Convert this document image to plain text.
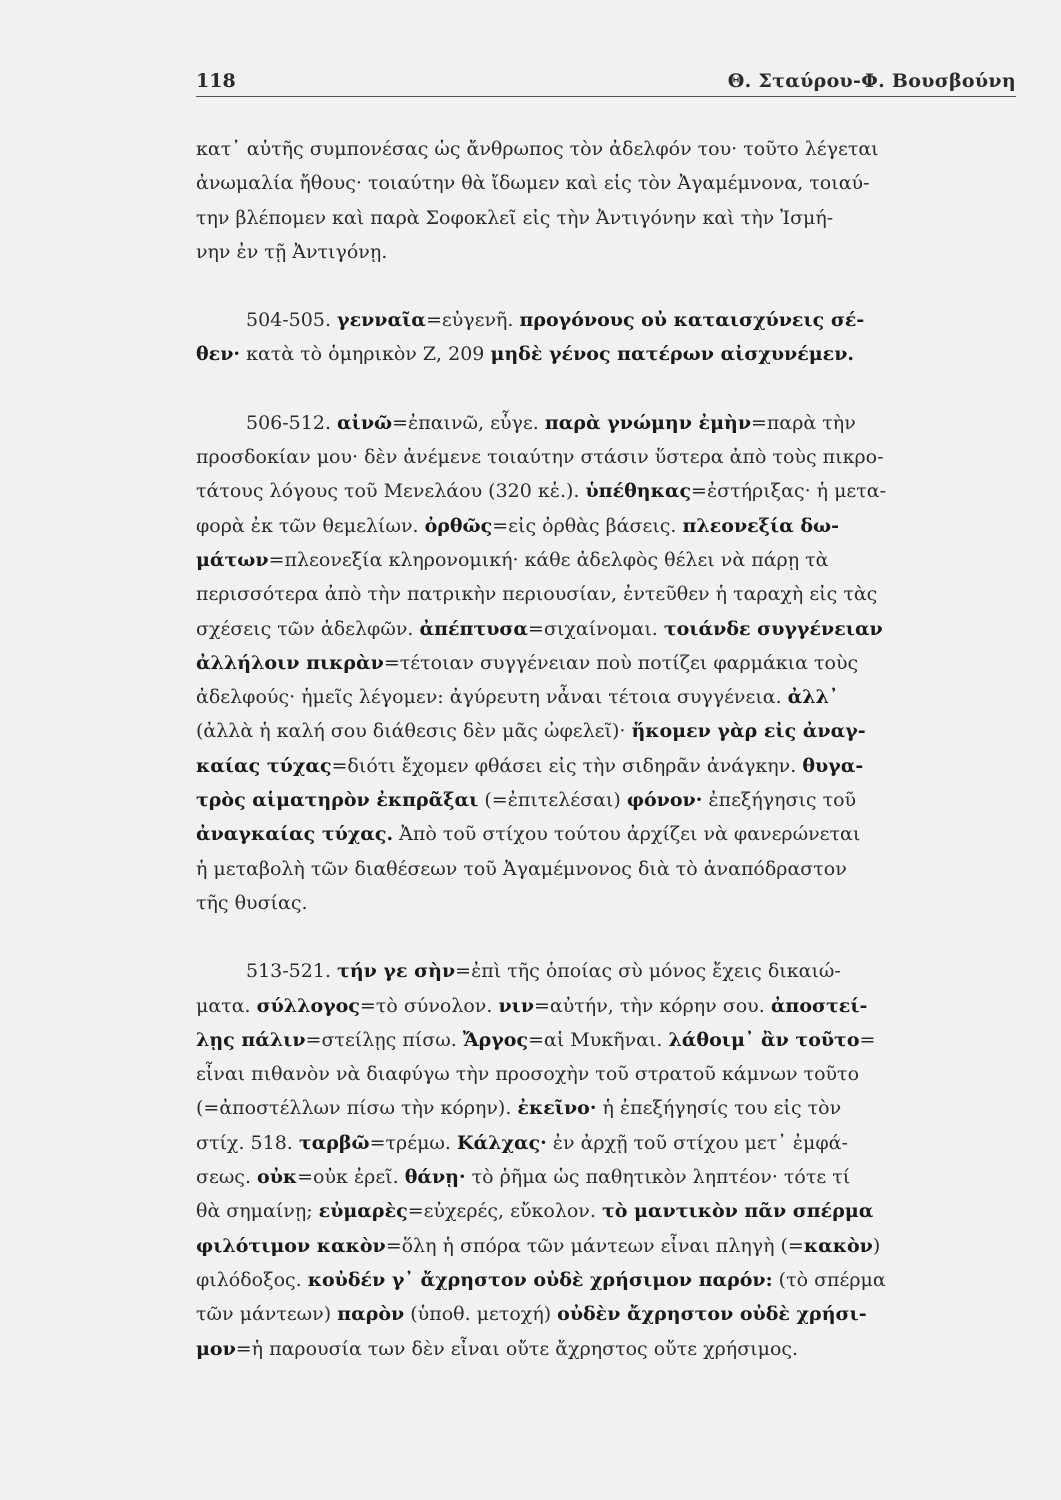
118	Θ. Σταύρου-Φ. Βουσβούνη
κατ᾽ αὐτῆς συμπονέσας ὡς ἄνθρωπος τὸν ἀδελφόν του· τοῦτο λέγεται
ἀνωμαλία ἤθους· τοιαύτην θὰ ἴδωμεν καὶ εἰς τὸν Ἀγαμέμνονα, τοιαύ-
την βλέπομεν καὶ παρὰ Σοφοκλεῖ εἰς τὴν Ἀντιγόνην καὶ τὴν Ἰσμή-
νην ἐν τῇ Ἀντιγόνῃ.
504-505. γενναῖα=εὐγενῆ. προγόνους οὐ καταισχύνεις σέ-
θεν· κατὰ τὸ ὁμηρικὸν Ζ, 209 μηδὲ γένος πατέρων αἰσχυνέμεν.
506-512. αἰνῶ=ἐπαινῶ, εὖγε. παρὰ γνώμην ἐμὴν=παρὰ τὴν
προσδοκίαν μου· δὲν ἀνέμενε τοιαύτην στάσιν ὕστερα ἀπὸ τοὺς πικρο-
τάτους λόγους τοῦ Μενελάου (320 κἑ.). ὑπέθηκας=ἐστήριξας· ἡ μετα-
φορὰ ἐκ τῶν θεμελίων. ὀρθῶς=εἰς ὀρθὰς βάσεις. πλεονεξία δω-
μάτων=πλεονεξία κληρονομική· κάθε ἀδελφὸς θέλει νὰ πάρῃ τὰ
περισσότερα ἀπὸ τὴν πατρικὴν περιουσίαν, ἐντεῦθεν ἡ ταραχὴ εἰς τὰς
σχέσεις τῶν ἀδελφῶν. ἀπέπτυσα=σιχαίνομαι. τοιάνδε συγγένειαν
ἀλλήλοιν πικρὰν=τέτοιαν συγγένειαν ποὺ ποτίζει φαρμάκια τοὺς
ἀδελφούς· ἡμεῖς λέγομεν: ἀγύρευτη νἆναι τέτοια συγγένεια. ἀλλ᾽
(ἀλλὰ ἡ καλή σου διάθεσις δὲν μᾶς ὠφελεῖ)· ἥκομεν γὰρ εἰς ἀναγ-
καίας τύχας=διότι ἔχομεν φθάσει εἰς τὴν σιδηρᾶν ἀνάγκην. θυγα-
τρὸς αἱματηρὸν ἐκπρᾶξαι (=ἐπιτελέσαι) φόνον· ἐπεξήγησις τοῦ
ἀναγκαίας τύχας. Ἀπὸ τοῦ στίχου τούτου ἀρχίζει νὰ φανερώνεται
ἡ μεταβολὴ τῶν διαθέσεων τοῦ Ἀγαμέμνονος διὰ τὸ ἀναπόδραστον
τῆς θυσίας.
513-521. τήν γε σὴν=ἐπὶ τῆς ὁποίας σὺ μόνος ἔχεις δικαιώ-
ματα. σύλλογος=τὸ σύνολον. νιν=αὐτήν, τὴν κόρην σου. ἀποστεί-
λῃς πάλιν=στείλῃς πίσω. Ἄργος=αἱ Μυκῆναι. λάθοιμ᾽ ἂν τοῦτο=
εἶναι πιθανὸν νὰ διαφύγω τὴν προσοχὴν τοῦ στρατοῦ κάμνων τοῦτο
(=ἀποστέλλων πίσω τὴν κόρην). ἐκεῖνο· ἡ ἐπεξήγησίς του εἰς τὸν
στίχ. 518. ταρβῶ=τρέμω. Κάλχας· ἐν ἀρχῇ τοῦ στίχου μετ᾽ ἐμφά-
σεως. οὐκ=οὐκ ἐρεῖ. θάνῃ· τὸ ῥῆμα ὡς παθητικὸν ληπτέον· τότε τί
θὰ σημαίνῃ; εὐμαρὲς=εὐχερές, εὔκολον. τὸ μαντικὸν πᾶν σπέρμα
φιλότιμον κακὸν=ὅλη ἡ σπόρα τῶν μάντεων εἶναι πληγὴ (=κακὸν)
φιλόδοξος. κοὐδέν γ᾽ ἄχρηστον οὐδὲ χρήσιμον παρόν: (τὸ σπέρμα
τῶν μάντεων) παρὸν (ὑποθ. μετοχή) οὐδὲν ἄχρηστον οὐδὲ χρήσι-
μον=ἡ παρουσία των δὲν εἶναι οὔτε ἄχρηστος οὔτε χρήσιμος.
